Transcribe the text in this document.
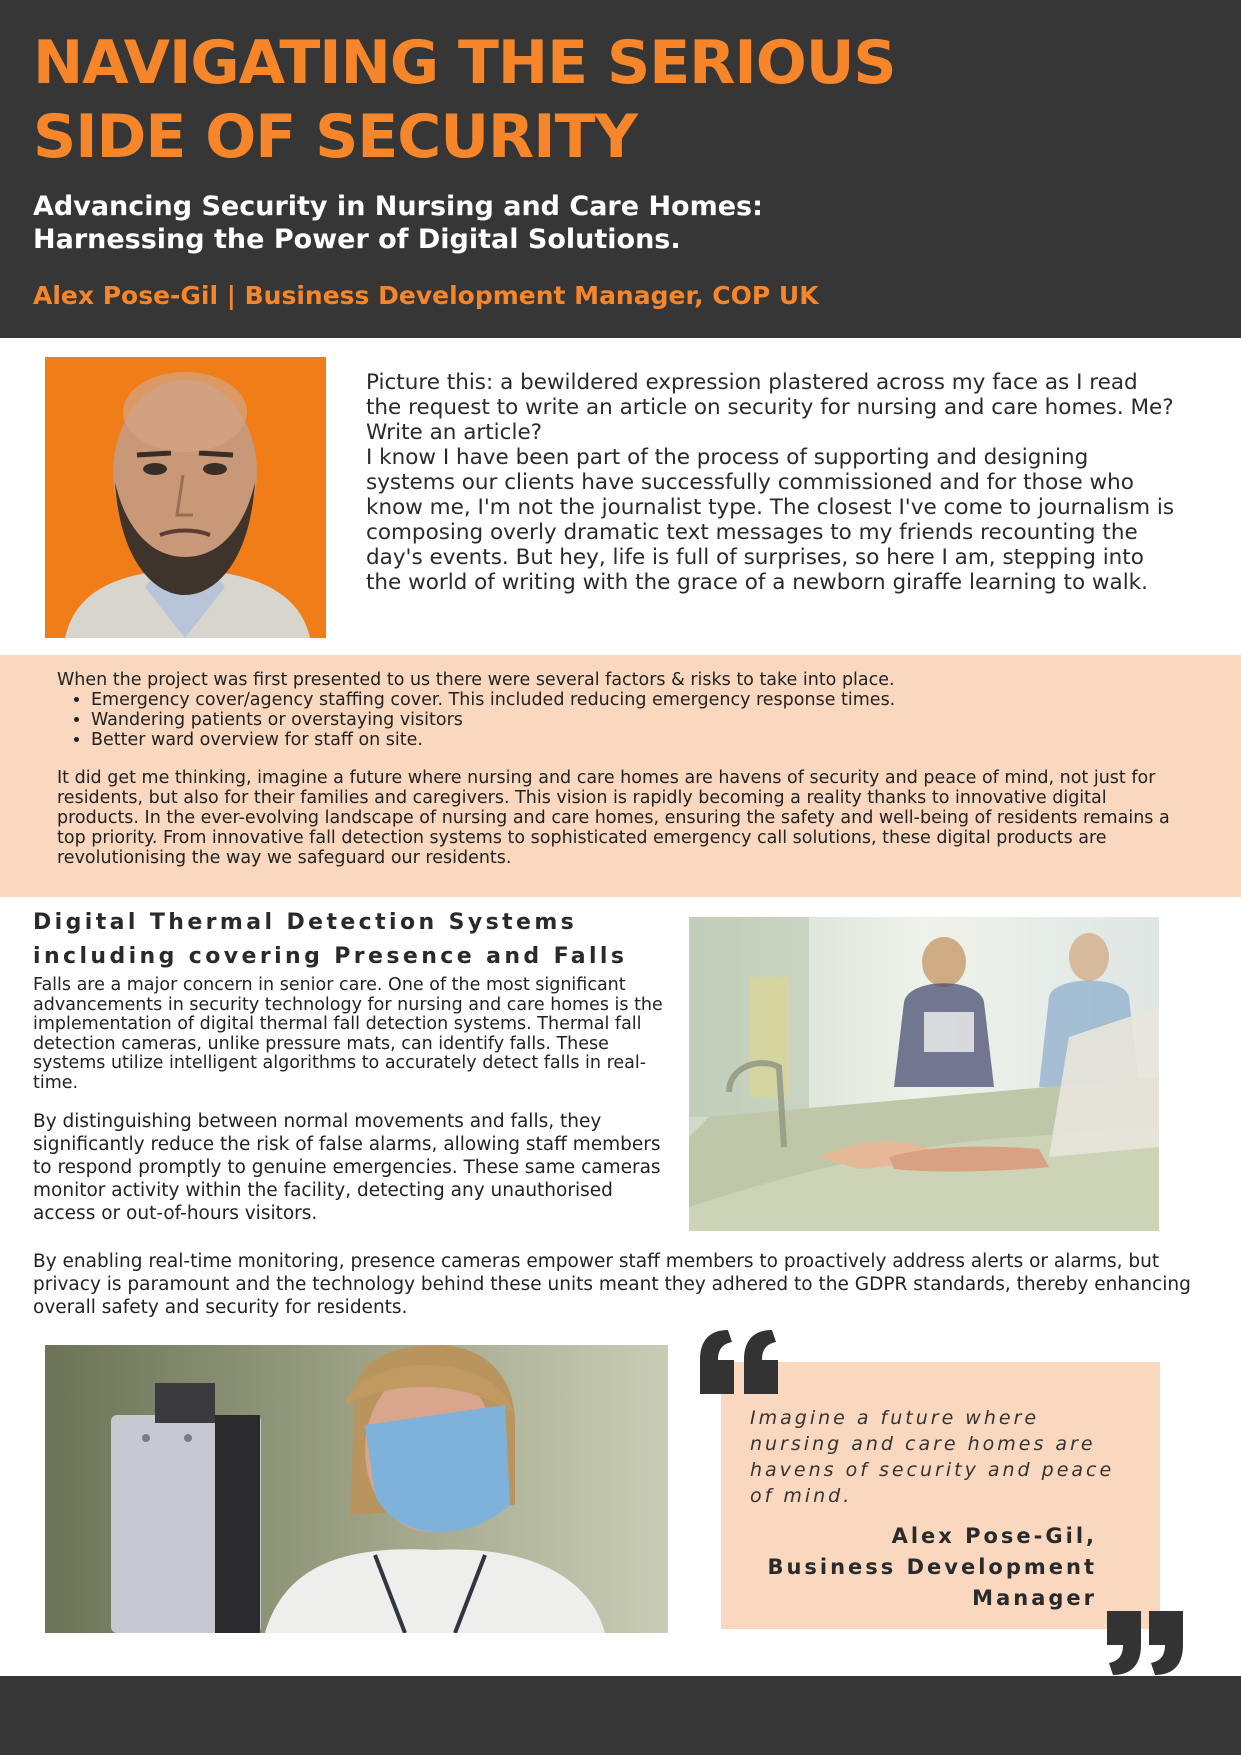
NAVIGATING THE SERIOUS
SIDE OF SECURITY
Advancing Security in Nursing and Care Homes:
Harnessing the Power of Digital Solutions.

Alex Pose-Gil | Business Development Manager, COP UK

Picture this: a bewildered expression plastered across my face as I read the request to write an article on security for nursing and care homes. Me? Write an article?

I know I have been part of the process of supporting and designing systems our clients have successfully commissioned and for those who know me, I'm not the journalist type. The closest I've come to journalism is composing overly dramatic text messages to my friends recounting the day's events. But hey, life is full of surprises, so here I am, stepping into the world of writing with the grace of a newborn giraffe learning to walk.

When the project was first presented to us there were several factors & risks to take into place.

• Emergency cover/agency staffing cover. This included reducing emergency response times.
• Wandering patients or overstaying visitors
• Better ward overview for staff on site.

It did get me thinking, imagine a future where nursing and care homes are havens of security and peace of mind, not just for residents, but also for their families and caregivers. This vision is rapidly becoming a reality thanks to innovative digital products. In the ever-evolving landscape of nursing and care homes, ensuring the safety and well-being of residents remains a top priority. From innovative fall detection systems to sophisticated emergency call solutions, these digital products are revolutionising the way we safeguard our residents.

Digital Thermal Detection Systems
including covering Presence and Falls

Falls are a major concern in senior care. One of the most significant advancements in security technology for nursing and care homes is the implementation of digital thermal fall detection systems. Thermal fall detection cameras, unlike pressure mats, can identify falls. These systems utilize intelligent algorithms to accurately detect falls in real-time.

By distinguishing between normal movements and falls, they significantly reduce the risk of false alarms, allowing staff members to respond promptly to genuine emergencies. These same cameras monitor activity within the facility, detecting any unauthorised access or out-of-hours visitors.

By enabling real-time monitoring, presence cameras empower staff members to proactively address alerts or alarms, but privacy is paramount and the technology behind these units meant they adhered to the GDPR standards, thereby enhancing overall safety and security for residents.

Imagine a future where nursing and care homes are havens of security and peace of mind.

Alex Pose-Gil,
Business Development
Manager
